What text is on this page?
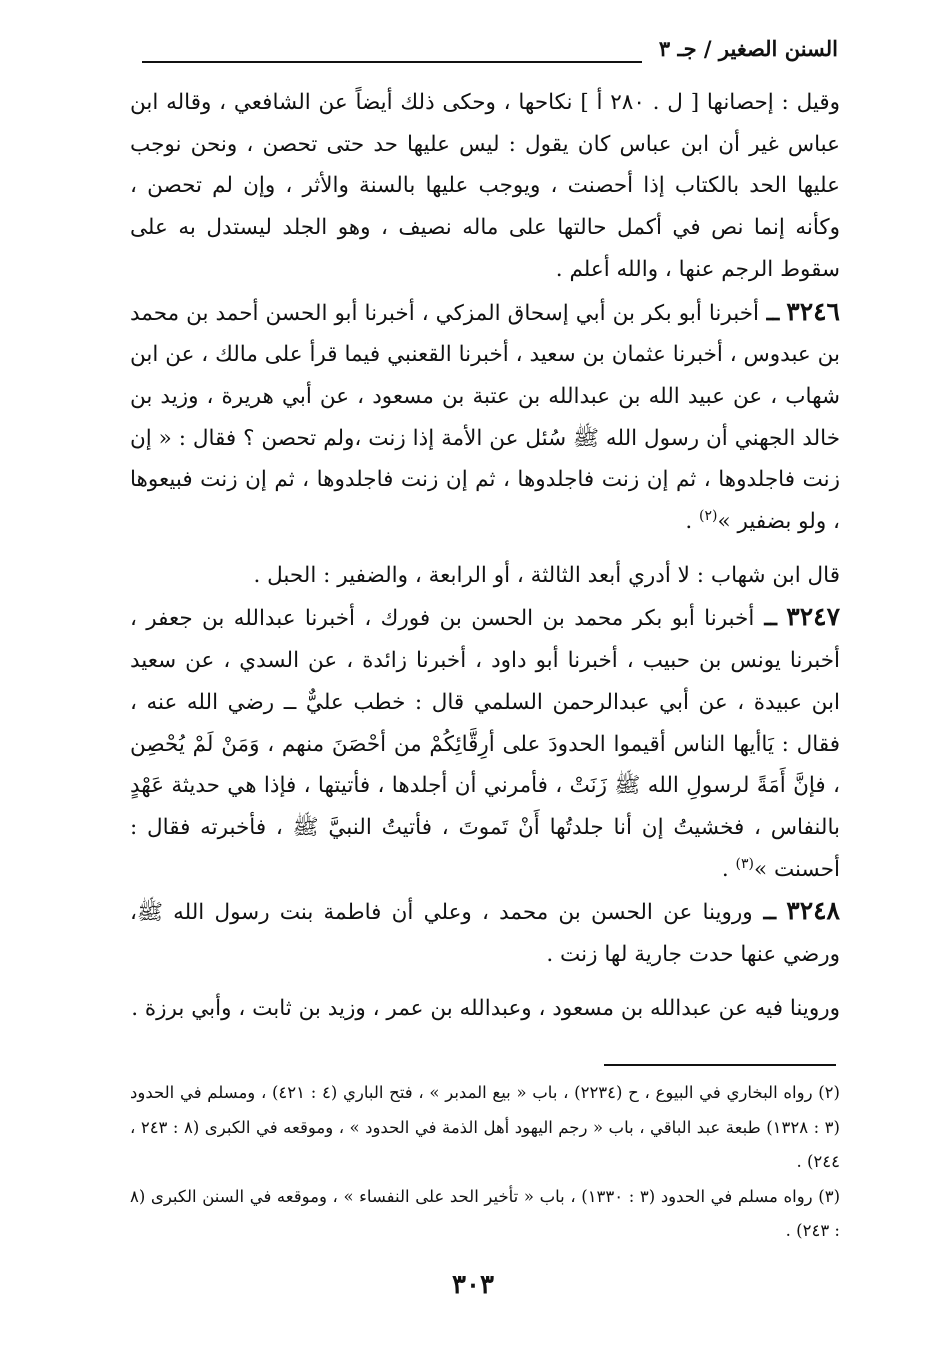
السنن الصغير / جـ ٣

وقيل : إحصانها [ ل . ٢٨٠ أ ] نكاحها ، وحكى ذلك أيضاً عن الشافعي ، وقاله ابن عباس غير أن ابن عباس كان يقول : ليس عليها حد حتى تحصن ، ونحن نوجب عليها الحد بالكتاب إذا أحصنت ، ويوجب عليها بالسنة والأثر ، وإن لم تحصن ، وكأنه إنما نص في أكمل حالتها على ماله نصيف ، وهو الجلد ليستدل به على سقوط الرجم عنها ، والله أعلم .

٣٢٤٦ ــ أخبرنا أبو بكر بن أبي إسحاق المزكي ، أخبرنا أبو الحسن أحمد بن محمد بن عبدوس ، أخبرنا عثمان بن سعيد ، أخبرنا القعنبي فيما قرأ على مالك ، عن ابن شهاب ، عن عبيد الله بن عبدالله بن عتبة بن مسعود ، عن أبي هريرة ، وزيد بن خالد الجهني أن رسول الله ﷺ سُئل عن الأمة إذا زنت ،ولم تحصن ؟ فقال : « إن زنت فاجلدوها ، ثم إن زنت فاجلدوها ، ثم إن زنت فاجلدوها ، ثم إن زنت فبيعوها ، ولو بضفير »$^{(٢)}$ .

قال ابن شهاب : لا أدري أبعد الثالثة ، أو الرابعة ، والضفير : الحبل .

٣٢٤٧ ــ أخبرنا أبو بكر محمد بن الحسن بن فورك ، أخبرنا عبدالله بن جعفر ، أخبرنا يونس بن حبيب ، أخبرنا أبو داود ، أخبرنا زائدة ، عن السدي ، عن سعيد ابن عبيدة ، عن أبي عبدالرحمن السلمي قال : خطب عليٌّ ــ رضي الله عنه ، فقال : يَاأيها الناس أقيموا الحدودَ على أرِقَّائِكُمْ من أحْصَنَ منهم ، وَمَنْ لَمْ يُحْصِن ، فإنَّ أَمَةً لرسولِ الله ﷺ زَنَتْ ، فأمرني أن أجلدها ، فأتيتها ، فإذا هي حديثة عَهْدٍ بالنفاس ، فخشيتُ إن أنا جلدتُها أَنْ تَموتَ ، فأتيتُ النبيَّ ﷺ ، فأخبرته فقال : أحسنت »$^{(٣)}$ .

٣٢٤٨ ــ وروينا عن الحسن بن محمد ، وعلي أن فاطمة بنت رسول الله ﷺ، ورضي عنها حدت جارية لها زنت .

وروينا فيه عن عبدالله بن مسعود ، وعبدالله بن عمر ، وزيد بن ثابت ، وأبي برزة .

(٢) رواه البخاري في البيوع ، ح (٢٢٣٤) ، باب « بيع المدبر » ، فتح الباري (٤ : ٤٢١) ، ومسلم في الحدود (٣ : ١٣٢٨) طبعة عبد الباقي ، باب « رجم اليهود أهل الذمة في الحدود » ، وموقعه في الكبرى (٨ : ٢٤٣ ، ٢٤٤) .

(٣) رواه مسلم في الحدود (٣ : ١٣٣٠) ، باب « تأخير الحد على النفساء » ، وموقعه في السنن الكبرى (٨ : ٢٤٣) .

٣٠٣
